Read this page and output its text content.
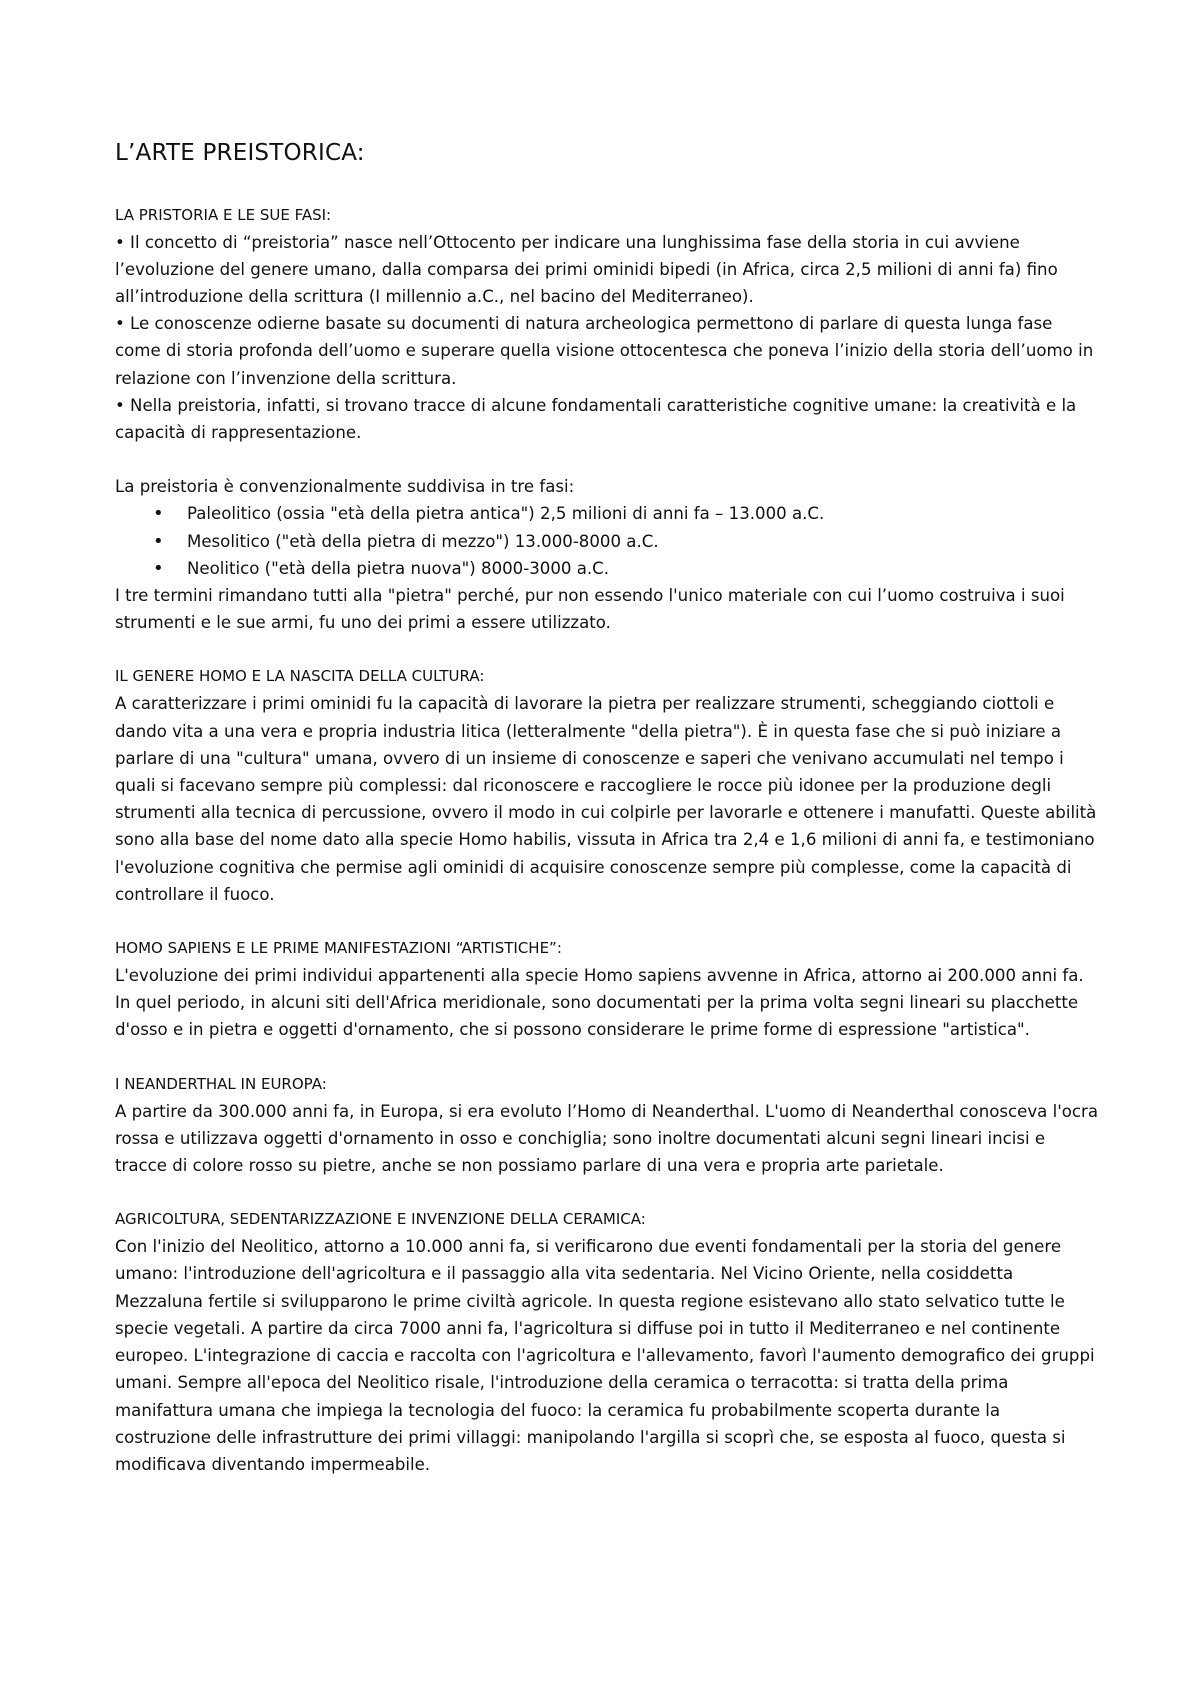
L’ARTE PREISTORICA:

LA PRISTORIA E LE SUE FASI:

• Il concetto di “preistoria” nasce nell’Ottocento per indicare una lunghissima fase della storia in cui avviene l’evoluzione del genere umano, dalla comparsa dei primi ominidi bipedi (in Africa, circa 2,5 milioni di anni fa) fino all’introduzione della scrittura (I millennio a.C., nel bacino del Mediterraneo).

• Le conoscenze odierne basate su documenti di natura archeologica permettono di parlare di questa lunga fase come di storia profonda dell’uomo e superare quella visione ottocentesca che poneva l’inizio della storia dell’uomo in relazione con l’invenzione della scrittura.

• Nella preistoria, infatti, si trovano tracce di alcune fondamentali caratteristiche cognitive umane: la creatività e la capacità di rappresentazione.

La preistoria è convenzionalmente suddivisa in tre fasi:

• Paleolitico (ossia "età della pietra antica") 2,5 milioni di anni fa – 13.000 a.C.
• Mesolitico ("età della pietra di mezzo") 13.000-8000 a.C.
• Neolitico ("età della pietra nuova") 8000-3000 a.C.

I tre termini rimandano tutti alla "pietra" perché, pur non essendo l'unico materiale con cui l’uomo costruiva i suoi strumenti e le sue armi, fu uno dei primi a essere utilizzato.

IL GENERE HOMO E LA NASCITA DELLA CULTURA:

A caratterizzare i primi ominidi fu la capacità di lavorare la pietra per realizzare strumenti, scheggiando ciottoli e dando vita a una vera e propria industria litica (letteralmente "della pietra"). È in questa fase che si può iniziare a parlare di una "cultura" umana, ovvero di un insieme di conoscenze e saperi che venivano accumulati nel tempo i quali si facevano sempre più complessi: dal riconoscere e raccogliere le rocce più idonee per la produzione degli strumenti alla tecnica di percussione, ovvero il modo in cui colpirle per lavorarle e ottenere i manufatti. Queste abilità sono alla base del nome dato alla specie Homo habilis, vissuta in Africa tra 2,4 e 1,6 milioni di anni fa, e testimoniano l'evoluzione cognitiva che permise agli ominidi di acquisire conoscenze sempre più complesse, come la capacità di controllare il fuoco.

HOMO SAPIENS E LE PRIME MANIFESTAZIONI “ARTISTICHE”:

L'evoluzione dei primi individui appartenenti alla specie Homo sapiens avvenne in Africa, attorno ai 200.000 anni fa. In quel periodo, in alcuni siti dell'Africa meridionale, sono documentati per la prima volta segni lineari su placchette d'osso e in pietra e oggetti d'ornamento, che si possono considerare le prime forme di espressione "artistica".

I NEANDERTHAL IN EUROPA:

A partire da 300.000 anni fa, in Europa, si era evoluto l’Homo di Neanderthal. L'uomo di Neanderthal conosceva l'ocra rossa e utilizzava oggetti d'ornamento in osso e conchiglia; sono inoltre documentati alcuni segni lineari incisi e tracce di colore rosso su pietre, anche se non possiamo parlare di una vera e propria arte parietale.

AGRICOLTURA, SEDENTARIZZAZIONE E INVENZIONE DELLA CERAMICA:

Con l'inizio del Neolitico, attorno a 10.000 anni fa, si verificarono due eventi fondamentali per la storia del genere umano: l'introduzione dell'agricoltura e il passaggio alla vita sedentaria. Nel Vicino Oriente, nella cosiddetta Mezzaluna fertile si svilupparono le prime civiltà agricole. In questa regione esistevano allo stato selvatico tutte le specie vegetali. A partire da circa 7000 anni fa, l'agricoltura si diffuse poi in tutto il Mediterraneo e nel continente europeo. L'integrazione di caccia e raccolta con l'agricoltura e l'allevamento, favorì l'aumento demografico dei gruppi umani. Sempre all'epoca del Neolitico risale, l'introduzione della ceramica o terracotta: si tratta della prima manifattura umana che impiega la tecnologia del fuoco: la ceramica fu probabilmente scoperta durante la costruzione delle infrastrutture dei primi villaggi: manipolando l'argilla si scoprì che, se esposta al fuoco, questa si modificava diventando impermeabile.
